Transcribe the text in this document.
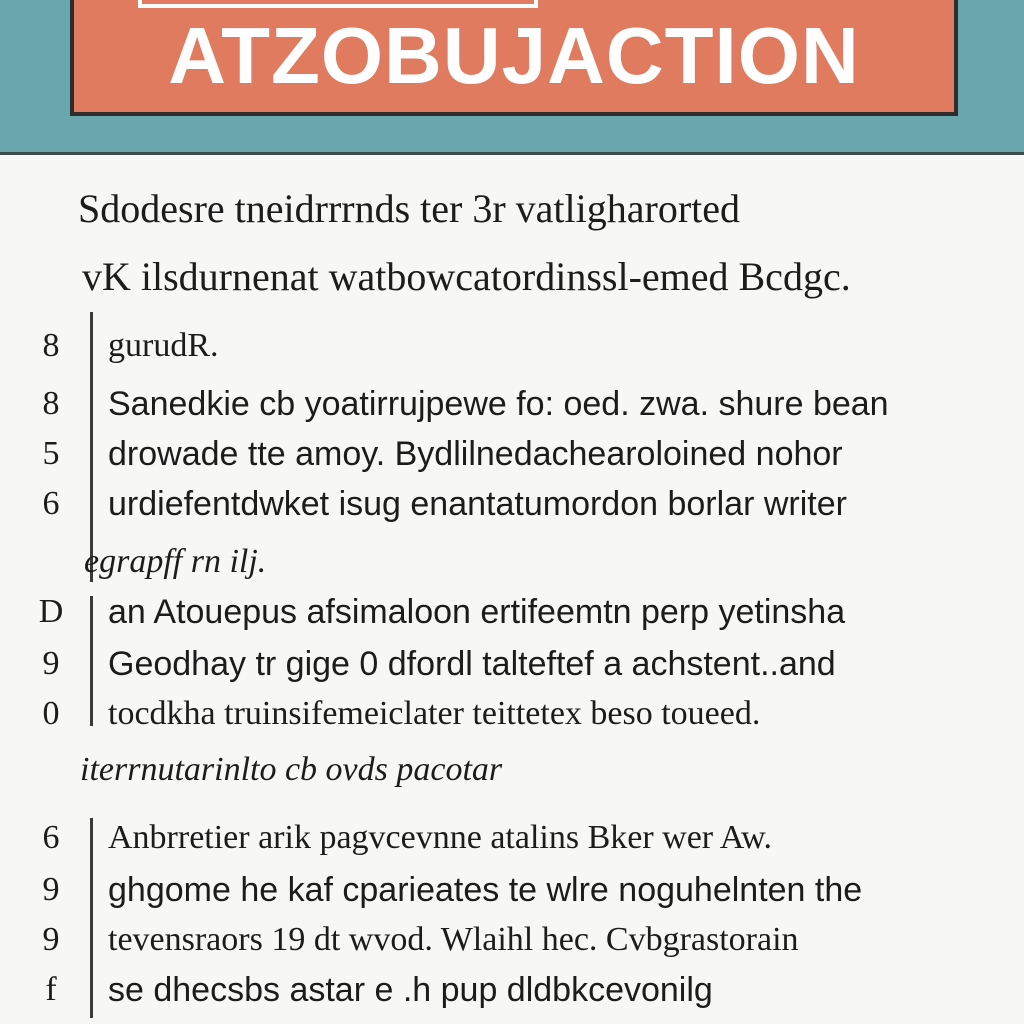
ATZOBUJACTION
Sdodesre tneidrrrnds ter 3r vatligharorted
vK ilsdurnenat watbowcatordinssl-emed Bcdgc.
8
8
5
6
D
9
0
gurudR.
Sanedkie cb yoatirrujpewe fo: oed. zwa. shure bean
drowade tte amoy. Bydlilnedachearoloined nohor
urdiefentdwket isug enantatumordon borlar writer
egrapff rn ilj.
an Atouepus afsimaloon ertifeemtn perp yetinsha
Geodhay tr gige 0 dfordl talteftef a achstent..and
tocdkha truinsifemeiclater teittetex beso toueed.
iterrnutarinlto cb ovds pacotar
6
9
9
f
Anbrretier arik pagvcevnne atalins Bker wer Aw.
ghgome he kaf cparieates te wlre noguhelnten the
tevensraors 19 dt wvod. Wlaihl hec. Cvbgrastorain
se dhecsbs astar e .h pup dldbkcevonilg
